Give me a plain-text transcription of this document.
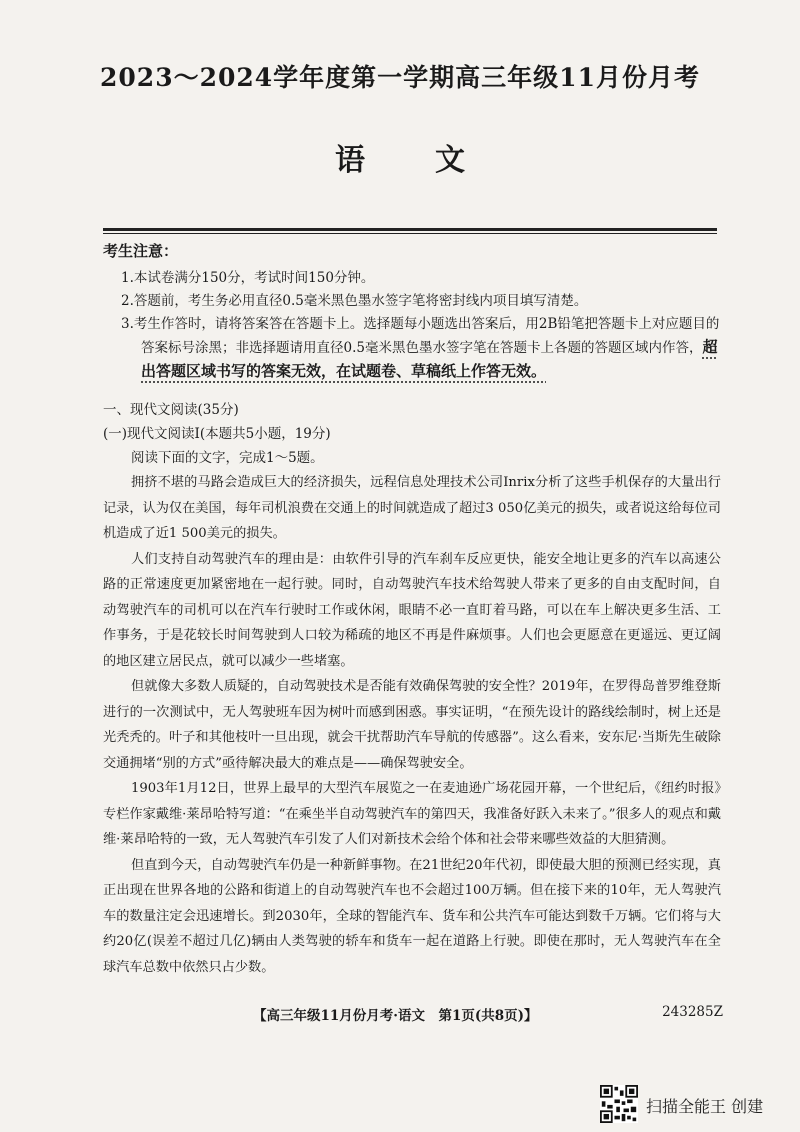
2023～2024学年度第一学期高三年级11月份月考
语文
考生注意：
1.本试卷满分150分，考试时间150分钟。
2.答题前，考生务必用直径0.5毫米黑色墨水签字笔将密封线内项目填写清楚。
3.考生作答时，请将答案答在答题卡上。选择题每小题选出答案后，用2B铅笔把答题卡上对应题目的答案标号涂黑；非选择题请用直径0.5毫米黑色墨水签字笔在答题卡上各题的答题区域内作答，超出答题区域书写的答案无效，在试题卷、草稿纸上作答无效。
一、现代文阅读(35分)
(一)现代文阅读Ⅰ(本题共5小题，19分)
阅读下面的文字，完成1～5题。

拥挤不堪的马路会造成巨大的经济损失，远程信息处理技术公司Inrix分析了这些手机保存的大量出行记录，认为仅在美国，每年司机浪费在交通上的时间就造成了超过3 050亿美元的损失，或者说这给每位司机造成了近1 500美元的损失。

人们支持自动驾驶汽车的理由是：由软件引导的汽车刹车反应更快，能安全地让更多的汽车以高速公路的正常速度更加紧密地在一起行驶。同时，自动驾驶汽车技术给驾驶人带来了更多的自由支配时间，自动驾驶汽车的司机可以在汽车行驶时工作或休闲，眼睛不必一直盯着马路，可以在车上解决更多生活、工作事务，于是花较长时间驾驶到人口较为稀疏的地区不再是件麻烦事。人们也会更愿意在更遥远、更辽阔的地区建立居民点，就可以减少一些堵塞。

但就像大多数人质疑的，自动驾驶技术是否能有效确保驾驶的安全性？2019年，在罗得岛普罗维登斯进行的一次测试中，无人驾驶班车因为树叶而感到困惑。事实证明，“在预先设计的路线绘制时，树上还是光秃秃的。叶子和其他枝叶一旦出现，就会干扰帮助汽车导航的传感器”。这么看来，安东尼·当斯先生破除交通拥堵“别的方式”亟待解决最大的难点是——确保驾驶安全。

1903年1月12日，世界上最早的大型汽车展览之一在麦迪逊广场花园开幕，一个世纪后，《纽约时报》专栏作家戴维·莱昂哈特写道：“在乘坐半自动驾驶汽车的第四天，我准备好跃入未来了。”很多人的观点和戴维·莱昂哈特的一致，无人驾驶汽车引发了人们对新技术会给个体和社会带来哪些效益的大胆猜测。

但直到今天，自动驾驶汽车仍是一种新鲜事物。在21世纪20年代初，即使最大胆的预测已经实现，真正出现在世界各地的公路和街道上的自动驾驶汽车也不会超过100万辆。但在接下来的10年，无人驾驶汽车的数量注定会迅速增长。到2030年，全球的智能汽车、货车和公共汽车可能达到数千万辆。它们将与大约20亿(误差不超过几亿)辆由人类驾驶的轿车和货车一起在道路上行驶。即使在那时，无人驾驶汽车在全球汽车总数中依然只占少数。

【高三年级11月份月考·语文　第1页(共8页)】	243285Z
扫描全能王 创建
